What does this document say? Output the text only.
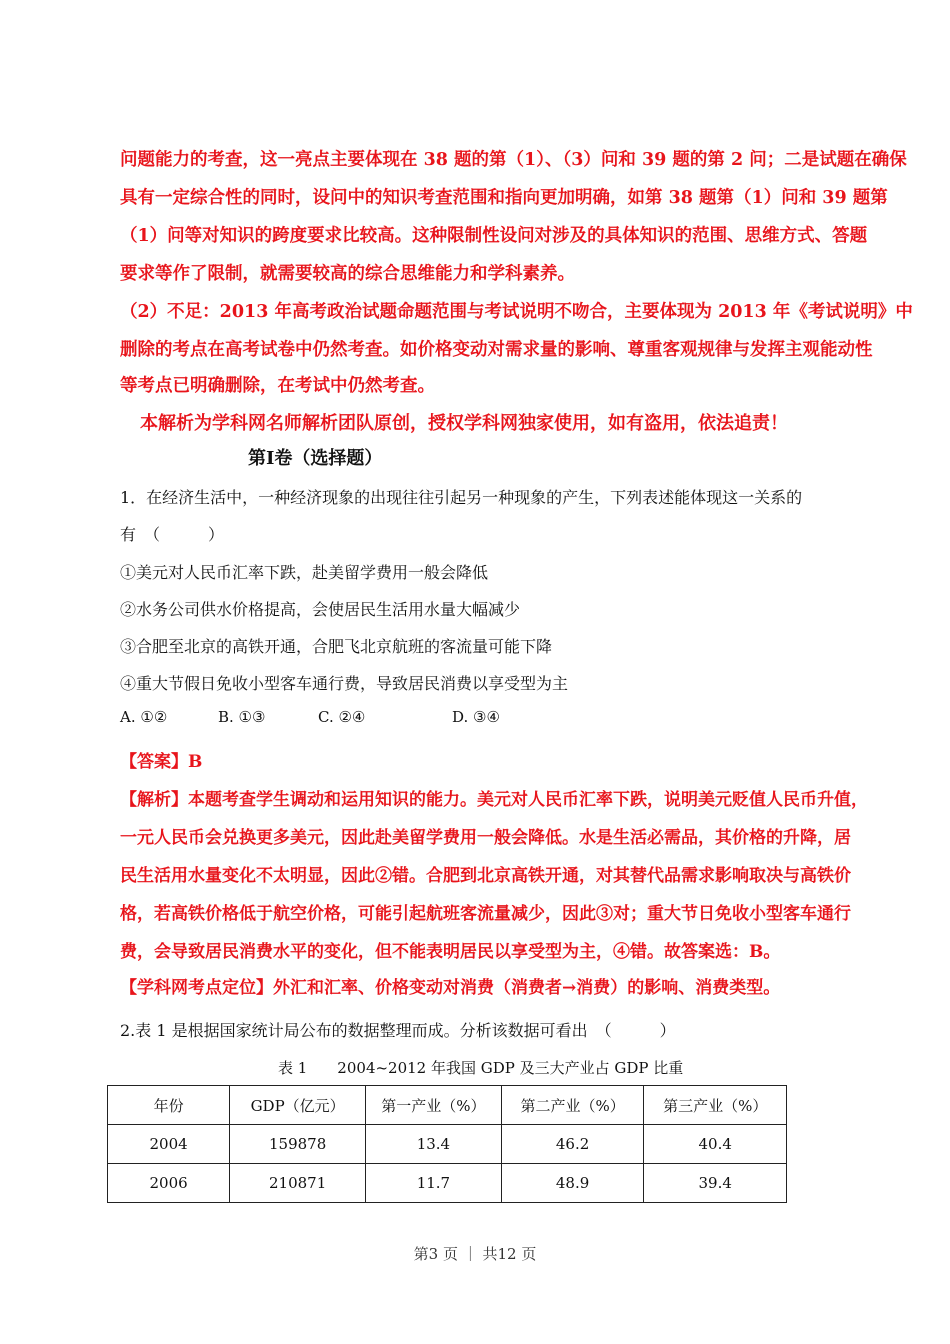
问题能力的考查，这一亮点主要体现在 38 题的第（1）、（3）问和 39 题的第 2 问；二是试题在确保
具有一定综合性的同时，设问中的知识考查范围和指向更加明确，如第 38 题第（1）问和 39 题第
（1）问等对知识的跨度要求比较高。这种限制性设问对涉及的具体知识的范围、思维方式、答题
要求等作了限制，就需要较高的综合思维能力和学科素养。
（2）不足：2013 年高考政治试题命题范围与考试说明不吻合，主要体现为 2013 年《考试说明》中
删除的考点在高考试卷中仍然考查。如价格变动对需求量的影响、尊重客观规律与发挥主观能动性
等考点已明确删除，在考试中仍然考查。
本解析为学科网名师解析团队原创，授权学科网独家使用，如有盗用，依法追责！
第Ⅰ卷（选择题）
1．在经济生活中，一种经济现象的出现往往引起另一种现象的产生，下列表述能体现这一关系的
有　（　　　）
①美元对人民币汇率下跌，赴美留学费用一般会降低
②水务公司供水价格提高，会使居民生活用水量大幅减少
③合肥至北京的高铁开通，合肥飞北京航班的客流量可能下降
④重大节假日免收小型客车通行费，导致居民消费以享受型为主
A. ①②	B. ①③	C. ②④	D. ③④
【答案】B
【解析】本题考查学生调动和运用知识的能力。美元对人民币汇率下跌，说明美元贬值人民币升值，
一元人民币会兑换更多美元，因此赴美留学费用一般会降低。水是生活必需品，其价格的升降，居
民生活用水量变化不太明显，因此②错。合肥到北京高铁开通，对其替代品需求影响取决与高铁价
格，若高铁价格低于航空价格，可能引起航班客流量减少，因此③对；重大节日免收小型客车通行
费，会导致居民消费水平的变化，但不能表明居民以享受型为主，④错。故答案选：B。
【学科网考点定位】外汇和汇率、价格变动对消费（消费者→消费）的影响、消费类型。
2.表 1 是根据国家统计局公布的数据整理而成。分析该数据可看出　（　　　）
表 1　　2004~2012 年我国 GDP 及三大产业占 GDP 比重
年份	GDP（亿元）	第一产业（%）	第二产业（%）	第三产业（%）
2004	159878	13.4	46.2	40.4
2006	210871	11.7	48.9	39.4
第3 页 ｜ 共12 页
